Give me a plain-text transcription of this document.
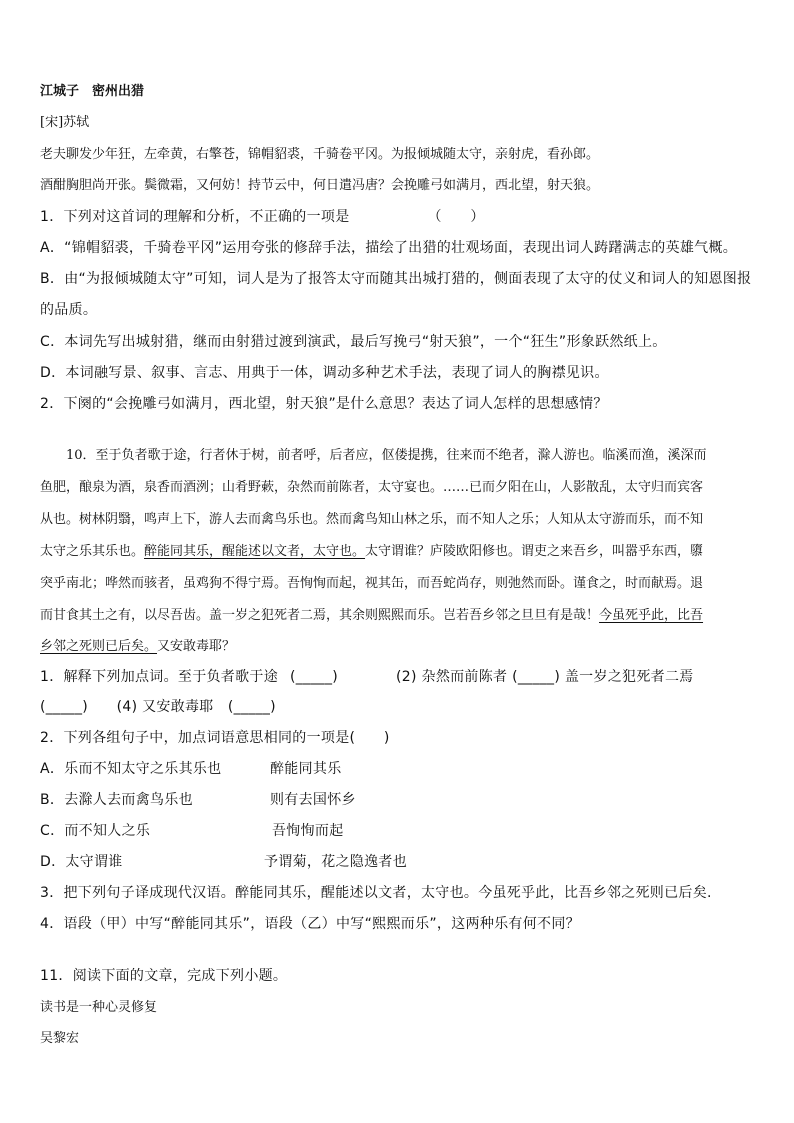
江城子　密州出猎
[宋]苏轼
老夫聊发少年狂，左牵黄，右擎苍，锦帽貂裘，千骑卷平冈。为报倾城随太守，亲射虎，看孙郎。
酒酣胸胆尚开张。鬓微霜，又何妨！持节云中，何日遣冯唐？会挽雕弓如满月，西北望，射天狼。
1．下列对这首词的理解和分析，不正确的一项是	（　　）
A．“锦帽貂裘，千骑卷平冈”运用夸张的修辞手法，描绘了出猎的壮观场面，表现出词人踌躇满志的英雄气概。
B．由“为报倾城随太守”可知，词人是为了报答太守而随其出城打猎的，侧面表现了太守的仗义和词人的知恩图报
的品质。
C．本词先写出城射猎，继而由射猎过渡到演武，最后写挽弓“射天狼”，一个“狂生”形象跃然纸上。
D．本词融写景、叙事、言志、用典于一体，调动多种艺术手法，表现了词人的胸襟见识。
2．下阕的“会挽雕弓如满月，西北望，射天狼”是什么意思？表达了词人怎样的思想感情？
10．至于负者歌于途，行者休于树，前者呼，后者应，伛偻提携，往来而不绝者，滁人游也。临溪而渔，溪深而
鱼肥，酿泉为酒，泉香而酒洌；山肴野蔌，杂然而前陈者，太守宴也。……已而夕阳在山，人影散乱，太守归而宾客
从也。树林阴翳，鸣声上下，游人去而禽鸟乐也。然而禽鸟知山林之乐，而不知人之乐；人知从太守游而乐，而不知
太守之乐其乐也。醉能同其乐，醒能述以文者，太守也。太守谓谁？庐陵欧阳修也。谓吏之来吾乡，叫嚣乎东西，隳
突乎南北；哗然而骇者，虽鸡狗不得宁焉。吾恂恂而起，视其缶，而吾蛇尚存，则弛然而卧。谨食之，时而献焉。退
而甘食其土之有，以尽吾齿。盖一岁之犯死者二焉，其余则熙熙而乐。岂若吾乡邻之旦旦有是哉！今虽死乎此，比吾
乡邻之死则已后矣。又安敢毒耶？
1．解释下列加点词。至于负者歌于途 (_____)	(2) 杂然而前陈者 (_____) 盖一岁之犯死者二焉
(_____)　　(4) 又安敢毒耶　(_____)
2．下列各组句子中，加点词语意思相同的一项是(　　)
A．乐而不知太守之乐其乐也	醉能同其乐
B．去滁人去而禽鸟乐也	则有去国怀乡
C．而不知人之乐	吾恂恂而起
D．太守谓谁	予谓菊，花之隐逸者也
3．把下列句子译成现代汉语。醉能同其乐，醒能述以文者，太守也。今虽死乎此，比吾乡邻之死则已后矣.
4．语段（甲）中写“醉能同其乐”，语段（乙）中写“熙熙而乐”，这两种乐有何不同？
11．阅读下面的文章，完成下列小题。
读书是一种心灵修复
吴黎宏
